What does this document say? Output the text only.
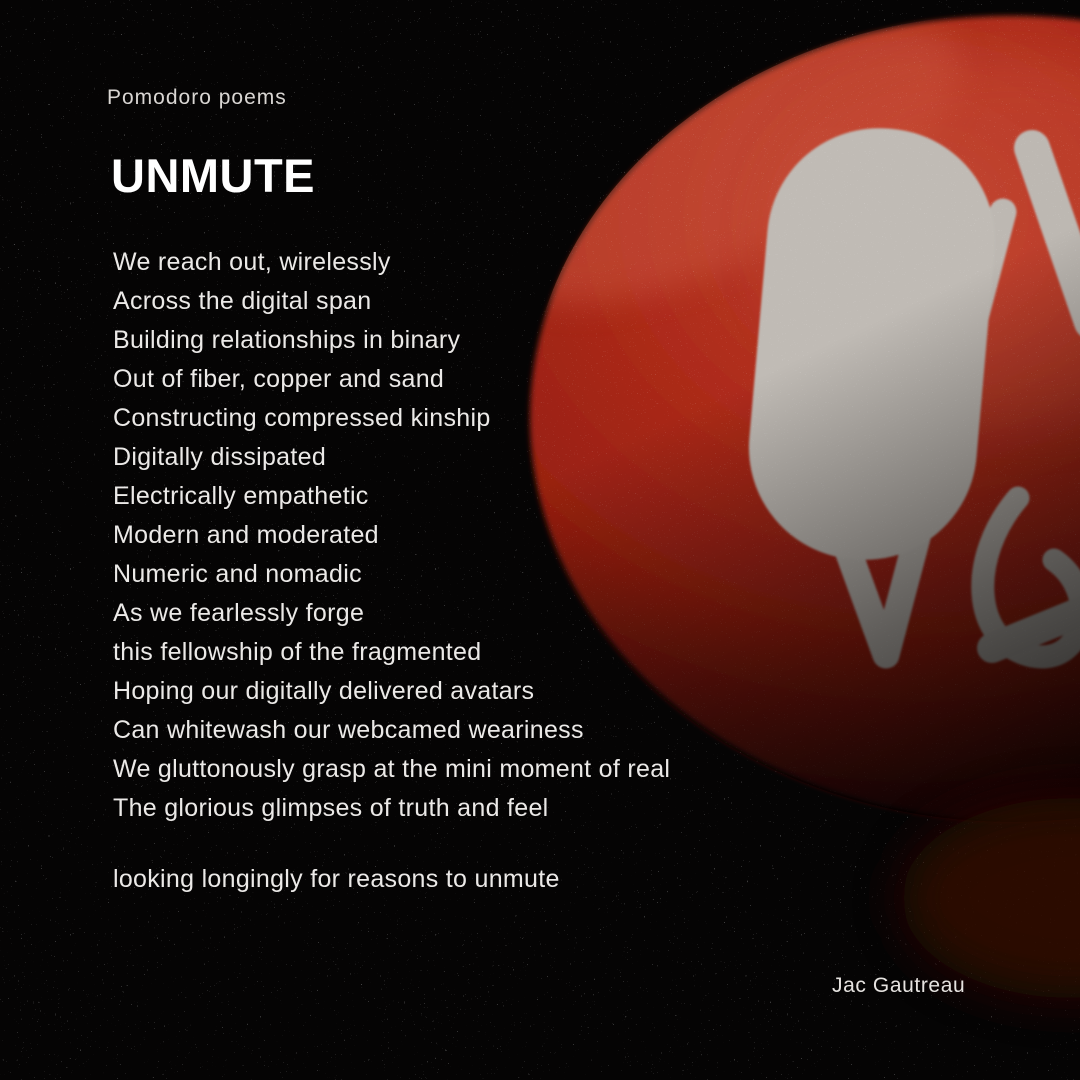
Pomodoro poems
UNMUTE
We reach out, wirelessly
Across the digital span
Building relationships in binary
Out of fiber, copper and sand
Constructing compressed kinship
Digitally dissipated
Electrically empathetic
Modern and moderated
Numeric and nomadic
As we fearlessly forge
this fellowship of the fragmented
Hoping our digitally delivered avatars
Can whitewash our webcamed weariness
We gluttonously grasp at the mini moment of real
The glorious glimpses of truth and feel
looking longingly for reasons to unmute
Jac Gautreau
